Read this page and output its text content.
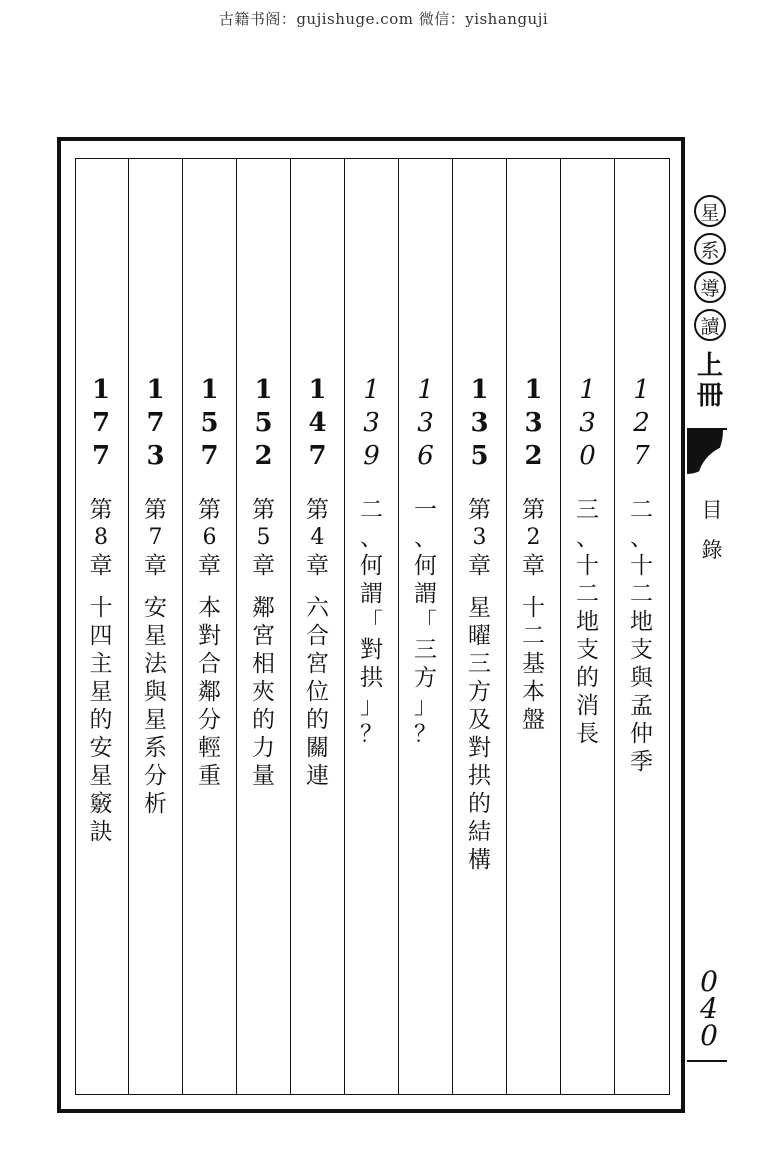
古籍书阁：gujishuge.com 微信：yishanguji
1
2
7
二
、
十
二
地
支
與
孟
仲
季
1
3
0
三
、
十
二
地
支
的
消
長
1
3
2
第
2
章
十
二
基
本
盤
1
3
5
第
3
章
星
曜
三
方
及
對
拱
的
結
構
1
3
6
一
、
何
謂
「
三
方
」
？
1
3
9
二
、
何
謂
「
對
拱
」
？
1
4
7
第
4
章
六
合
宮
位
的
關
連
1
5
2
第
5
章
鄰
宮
相
夾
的
力
量
1
5
7
第
6
章
本
對
合
鄰
分
輕
重
1
7
3
第
7
章
安
星
法
與
星
系
分
析
1
7
7
第
8
章
十
四
主
星
的
安
星
竅
訣
星
系
導
讀
上
冊
目
錄
0
4
0
